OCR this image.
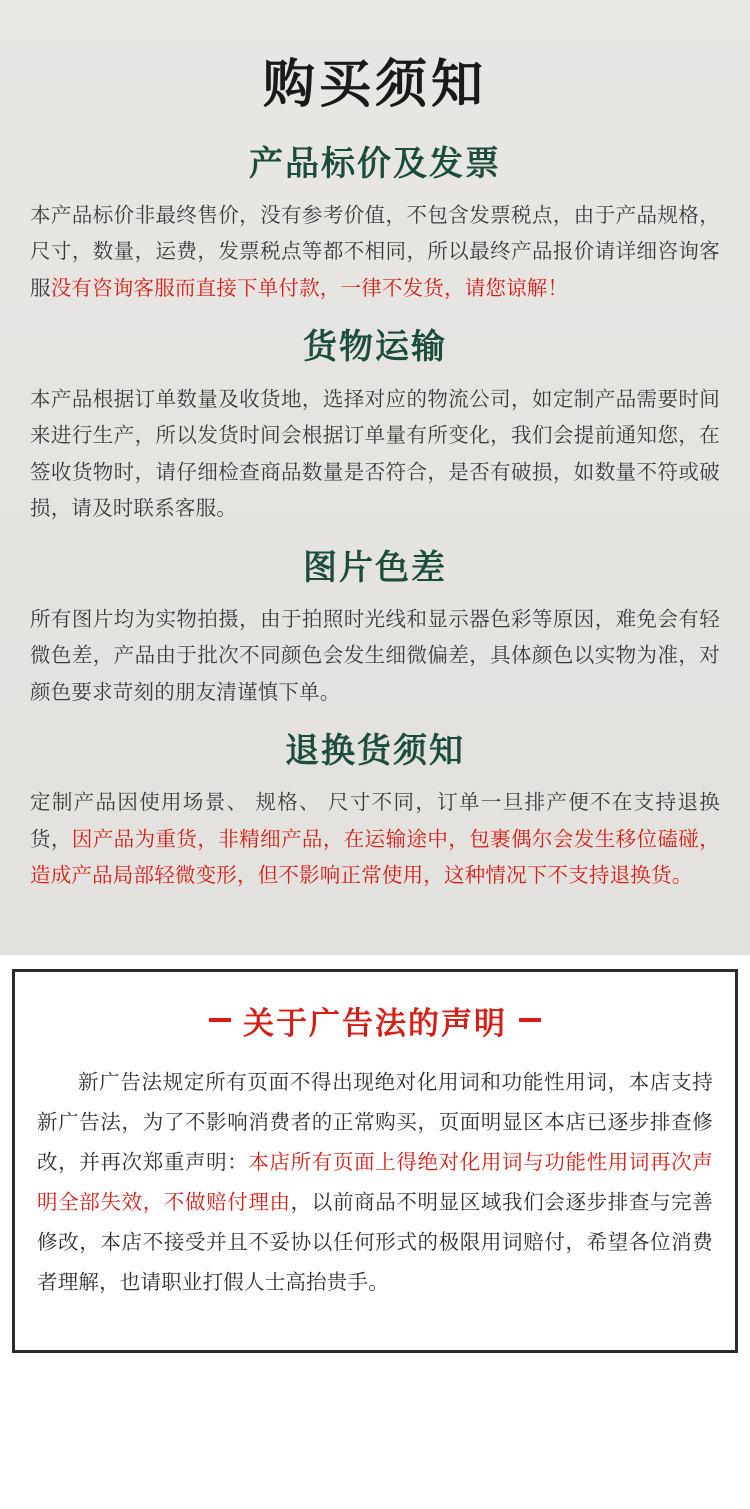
购买须知
产品标价及发票

本产品标价非最终售价，没有参考价值，不包含发票税点，由于产品规格，尺寸，数量，运费，发票税点等都不相同，所以最终产品报价请详细咨询客服没有咨询客服而直接下单付款，一律不发货，请您谅解！

货物运输

本产品根据订单数量及收货地，选择对应的物流公司，如定制产品需要时间来进行生产，所以发货时间会根据订单量有所变化，我们会提前通知您，在签收货物时，请仔细检查商品数量是否符合，是否有破损，如数量不符或破损，请及时联系客服。

图片色差

所有图片均为实物拍摄，由于拍照时光线和显示器色彩等原因，难免会有轻微色差，产品由于批次不同颜色会发生细微偏差，具体颜色以实物为准，对颜色要求苛刻的朋友清谨慎下单。

退换货须知

定制产品因使用场景、 规格、 尺寸不同，订单一旦排产便不在支持退换货，因产品为重货，非精细产品，在运输途中，包裹偶尔会发生移位磕碰，造成产品局部轻微变形，但不影响正常使用，这种情况下不支持退换货。

关于广告法的声明

新广告法规定所有页面不得出现绝对化用词和功能性用词，本店支持新广告法，为了不影响消费者的正常购买，页面明显区本店已逐步排查修改，并再次郑重声明：本店所有页面上得绝对化用词与功能性用词再次声明全部失效，不做赔付理由，以前商品不明显区域我们会逐步排查与完善修改，本店不接受并且不妥协以任何形式的极限用词赔付，希望各位消费者理解，也请职业打假人士高抬贵手。
